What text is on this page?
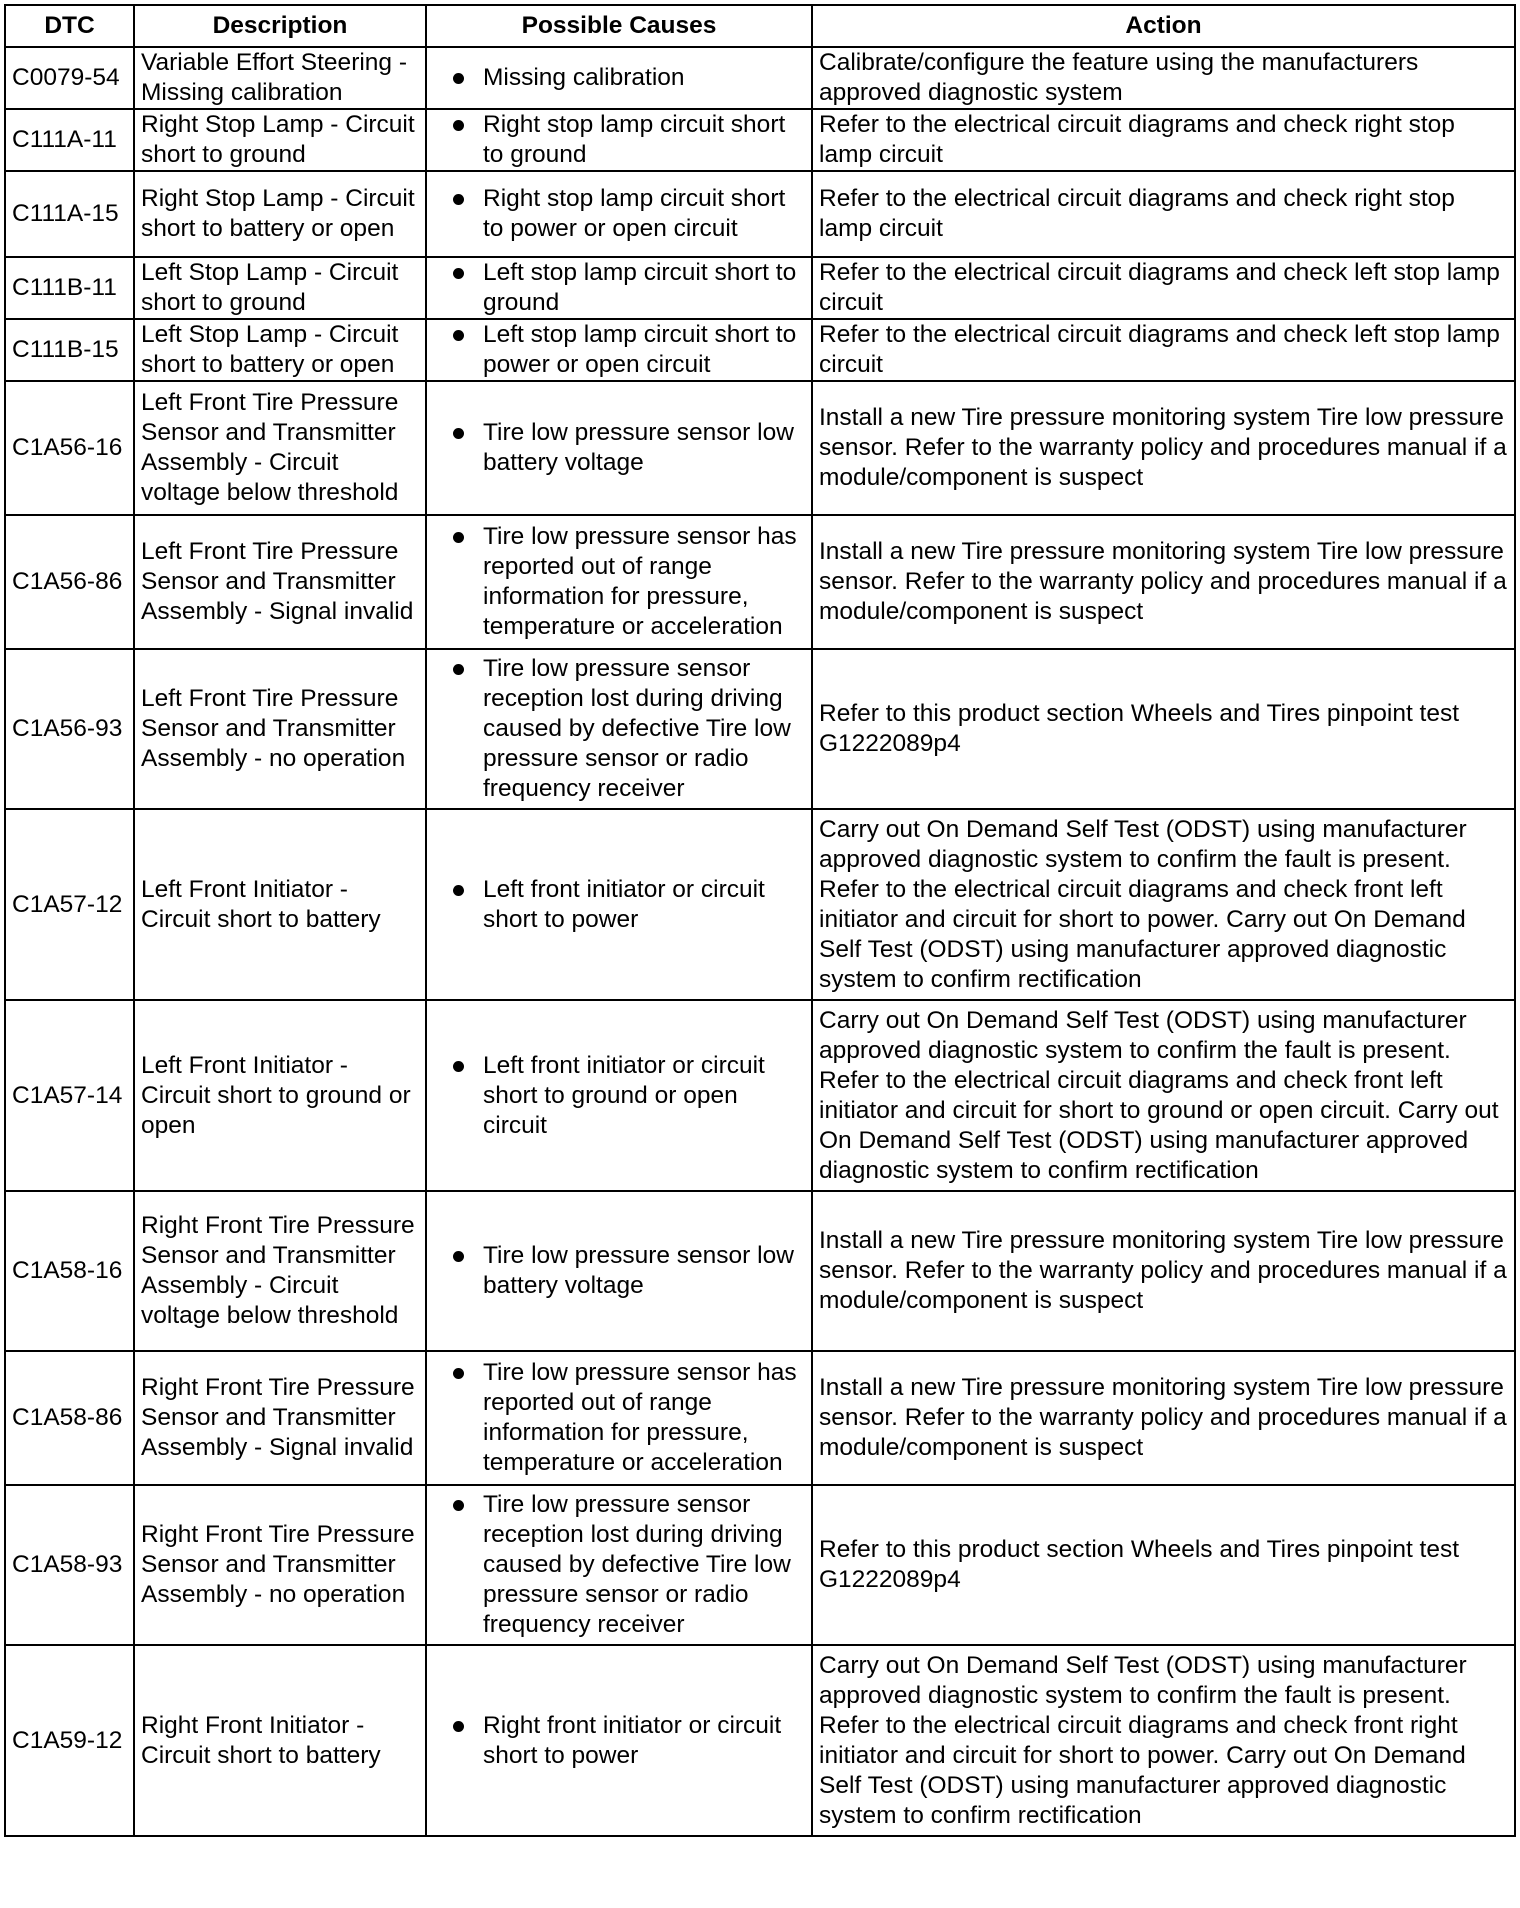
DTC	Description	Possible Causes	Action
C0079-54	Variable Effort Steering - Missing calibration	Missing calibration	Calibrate/configure the feature using the manufacturers approved diagnostic system
C111A-11	Right Stop Lamp - Circuit short to ground	Right stop lamp circuit short to ground	Refer to the electrical circuit diagrams and check right stop lamp circuit
C111A-15	Right Stop Lamp - Circuit short to battery or open	Right stop lamp circuit short to power or open circuit	Refer to the electrical circuit diagrams and check right stop lamp circuit
C111B-11	Left Stop Lamp - Circuit short to ground	Left stop lamp circuit short to ground	Refer to the electrical circuit diagrams and check left stop lamp circuit
C111B-15	Left Stop Lamp - Circuit short to battery or open	Left stop lamp circuit short to power or open circuit	Refer to the electrical circuit diagrams and check left stop lamp circuit
C1A56-16	Left Front Tire Pressure Sensor and Transmitter Assembly - Circuit voltage below threshold	Tire low pressure sensor low battery voltage	Install a new Tire pressure monitoring system Tire low pressure sensor. Refer to the warranty policy and procedures manual if a module/component is suspect
C1A56-86	Left Front Tire Pressure Sensor and Transmitter Assembly - Signal invalid	Tire low pressure sensor has reported out of range information for pressure, temperature or acceleration	Install a new Tire pressure monitoring system Tire low pressure sensor. Refer to the warranty policy and procedures manual if a module/component is suspect
C1A56-93	Left Front Tire Pressure Sensor and Transmitter Assembly - no operation	Tire low pressure sensor reception lost during driving caused by defective Tire low pressure sensor or radio frequency receiver	Refer to this product section Wheels and Tires pinpoint test G1222089p4
C1A57-12	Left Front Initiator - Circuit short to battery	Left front initiator or circuit short to power	Carry out On Demand Self Test (ODST) using manufacturer approved diagnostic system to confirm the fault is present. Refer to the electrical circuit diagrams and check front left initiator and circuit for short to power. Carry out On Demand Self Test (ODST) using manufacturer approved diagnostic system to confirm rectification
C1A57-14	Left Front Initiator - Circuit short to ground or open	Left front initiator or circuit short to ground or open circuit	Carry out On Demand Self Test (ODST) using manufacturer approved diagnostic system to confirm the fault is present. Refer to the electrical circuit diagrams and check front left initiator and circuit for short to ground or open circuit. Carry out On Demand Self Test (ODST) using manufacturer approved diagnostic system to confirm rectification
C1A58-16	Right Front Tire Pressure Sensor and Transmitter Assembly - Circuit voltage below threshold	Tire low pressure sensor low battery voltage	Install a new Tire pressure monitoring system Tire low pressure sensor. Refer to the warranty policy and procedures manual if a module/component is suspect
C1A58-86	Right Front Tire Pressure Sensor and Transmitter Assembly - Signal invalid	Tire low pressure sensor has reported out of range information for pressure, temperature or acceleration	Install a new Tire pressure monitoring system Tire low pressure sensor. Refer to the warranty policy and procedures manual if a module/component is suspect
C1A58-93	Right Front Tire Pressure Sensor and Transmitter Assembly - no operation	Tire low pressure sensor reception lost during driving caused by defective Tire low pressure sensor or radio frequency receiver	Refer to this product section Wheels and Tires pinpoint test G1222089p4
C1A59-12	Right Front Initiator - Circuit short to battery	Right front initiator or circuit short to power	Carry out On Demand Self Test (ODST) using manufacturer approved diagnostic system to confirm the fault is present. Refer to the electrical circuit diagrams and check front right initiator and circuit for short to power. Carry out On Demand Self Test (ODST) using manufacturer approved diagnostic system to confirm rectification
